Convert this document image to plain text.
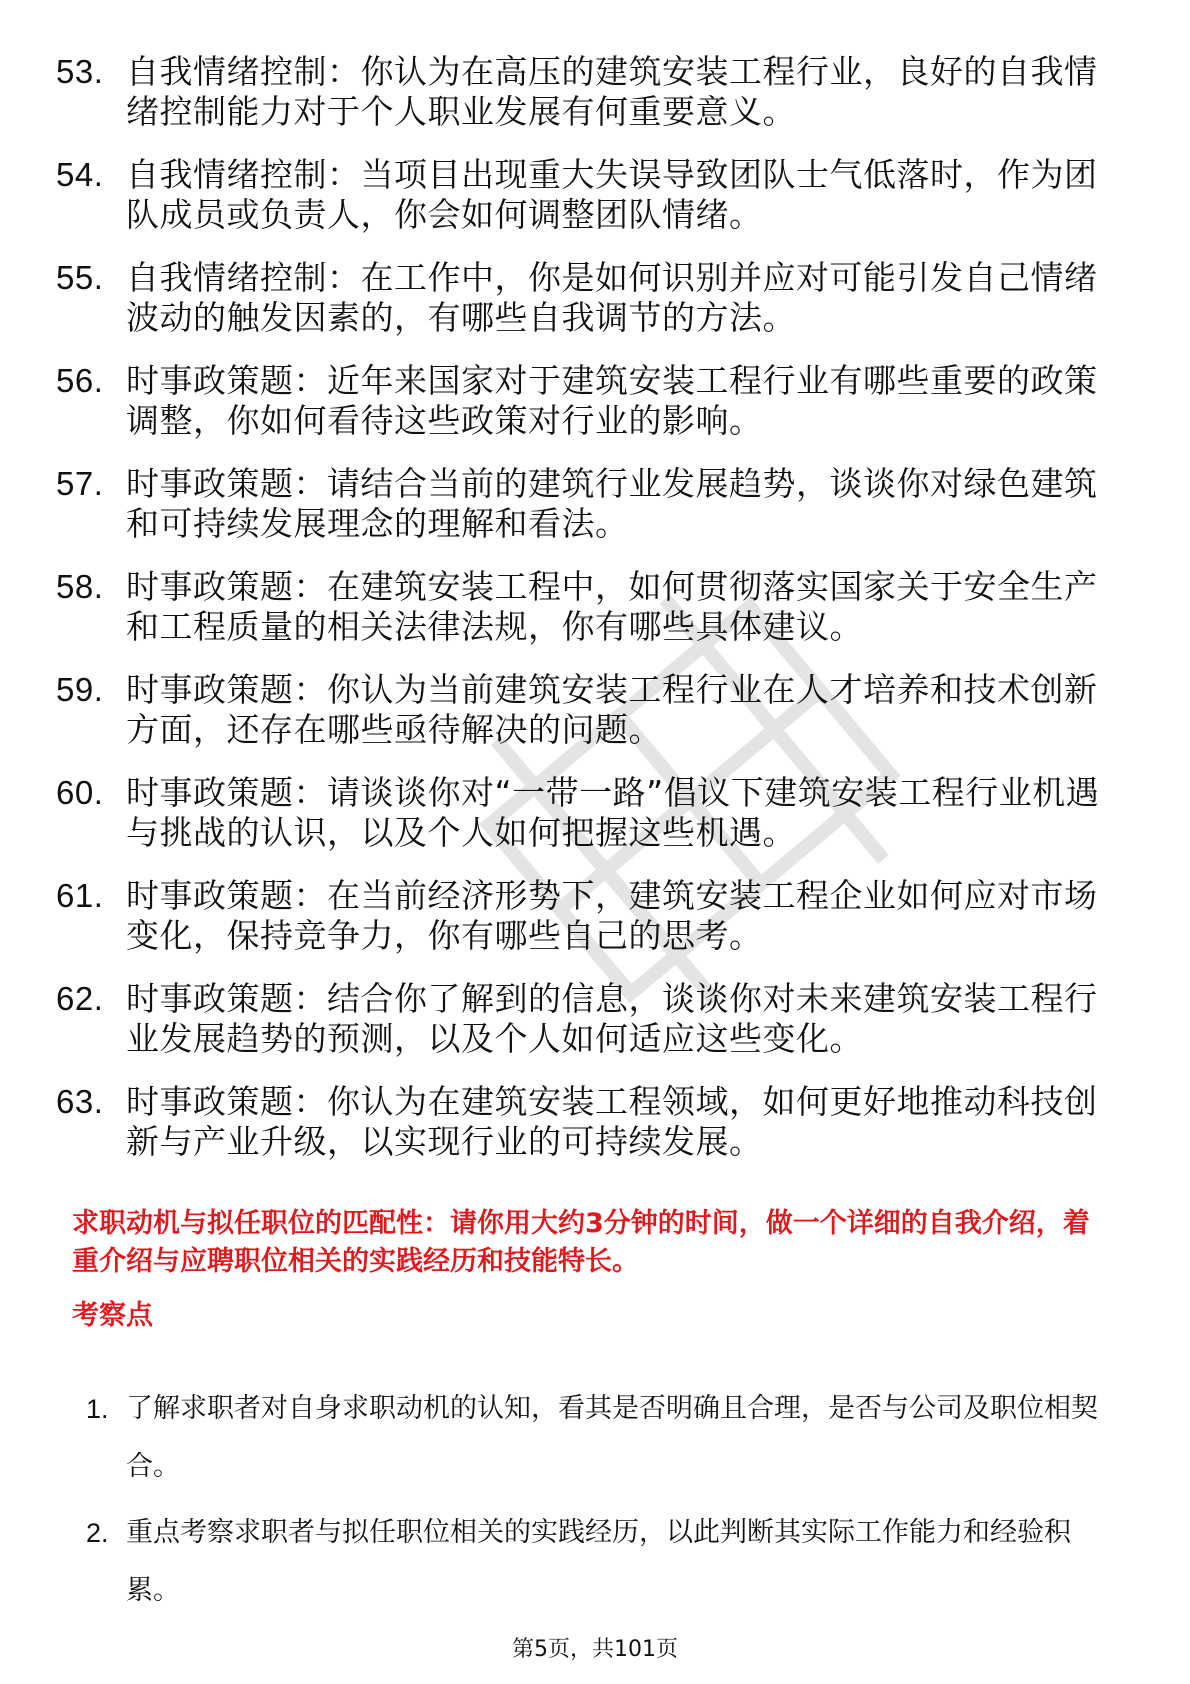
53. 自我情绪控制：你认为在高压的建筑安装工程行业，良好的自我情绪控制能力对于个人职业发展有何重要意义。
54. 自我情绪控制：当项目出现重大失误导致团队士气低落时，作为团队成员或负责人，你会如何调整团队情绪。
55. 自我情绪控制：在工作中，你是如何识别并应对可能引发自己情绪波动的触发因素的，有哪些自我调节的方法。
56. 时事政策题：近年来国家对于建筑安装工程行业有哪些重要的政策调整，你如何看待这些政策对行业的影响。
57. 时事政策题：请结合当前的建筑行业发展趋势，谈谈你对绿色建筑和可持续发展理念的理解和看法。
58. 时事政策题：在建筑安装工程中，如何贯彻落实国家关于安全生产和工程质量的相关法律法规，你有哪些具体建议。
59. 时事政策题：你认为当前建筑安装工程行业在人才培养和技术创新方面，还存在哪些亟待解决的问题。
60. 时事政策题：请谈谈你对“一带一路”倡议下建筑安装工程行业机遇与挑战的认识，以及个人如何把握这些机遇。
61. 时事政策题：在当前经济形势下，建筑安装工程企业如何应对市场变化，保持竞争力，你有哪些自己的思考。
62. 时事政策题：结合你了解到的信息，谈谈你对未来建筑安装工程行业发展趋势的预测，以及个人如何适应这些变化。
63. 时事政策题：你认为在建筑安装工程领域，如何更好地推动科技创新与产业升级，以实现行业的可持续发展。

求职动机与拟任职位的匹配性：请你用大约3分钟的时间，做一个详细的自我介绍，着重介绍与应聘职位相关的实践经历和技能特长。

考察点
1. 了解求职者对自身求职动机的认知，看其是否明确且合理，是否与公司及职位相契合。
2. 重点考察求职者与拟任职位相关的实践经历，以此判断其实际工作能力和经验积累。
第5页，共101页
